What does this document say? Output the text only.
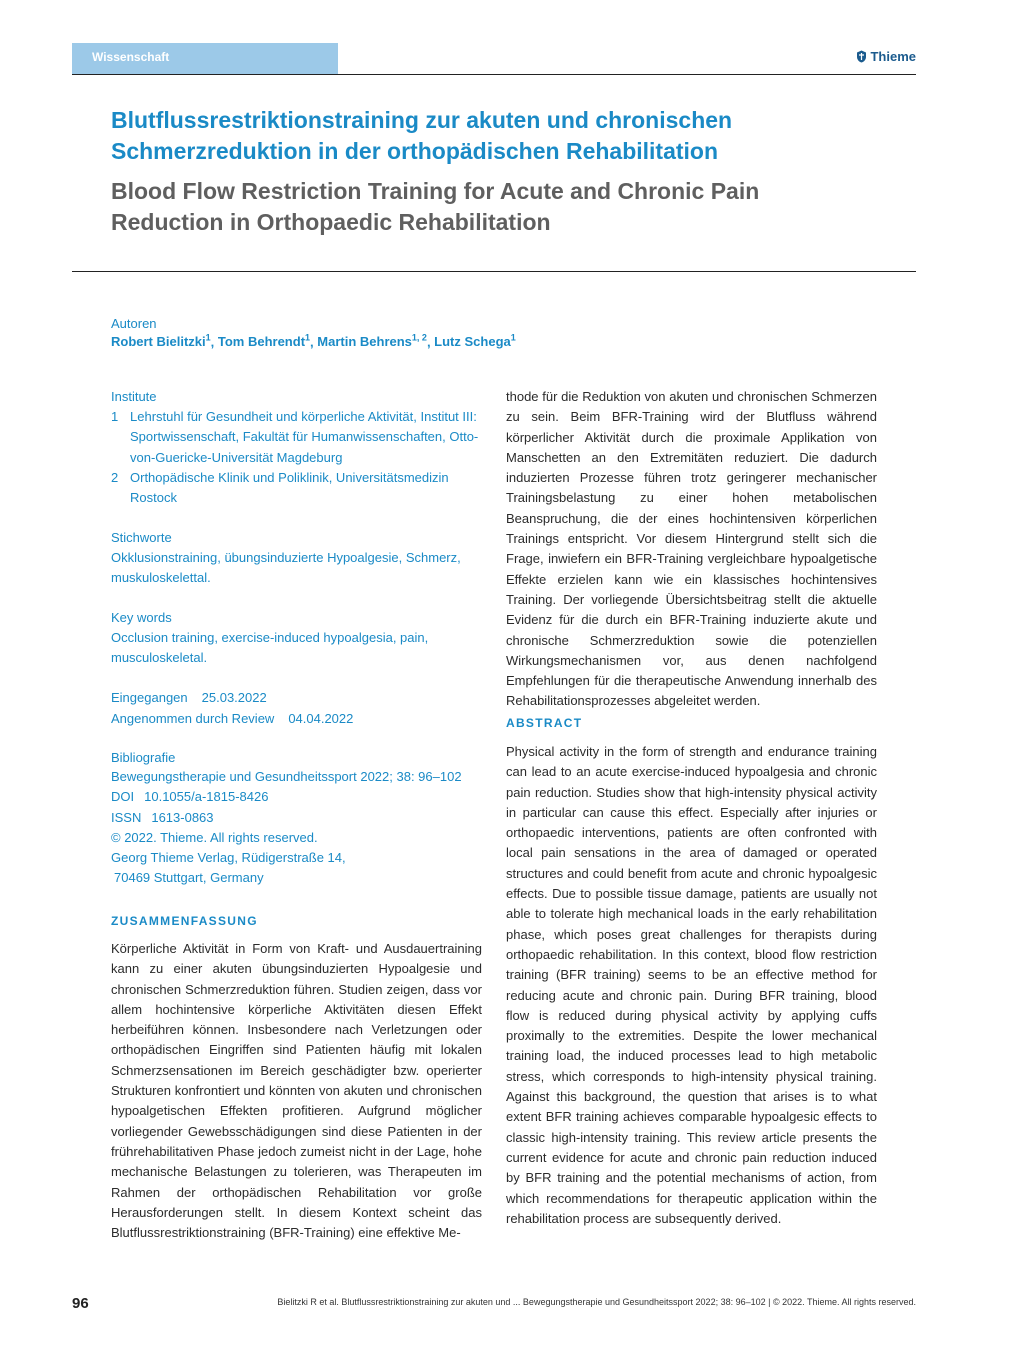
Wissenschaft	Thieme
Blutflussrestriktionstraining zur akuten und chronischen Schmerzreduktion in der orthopädischen Rehabilitation
Blood Flow Restriction Training for Acute and Chronic Pain Reduction in Orthopaedic Rehabilitation
Autoren
Robert Bielitzki$^1$, Tom Behrendt$^1$, Martin Behrens$^{1, 2}$, Lutz Schega$^1$
Institute
1 Lehrstuhl für Gesundheit und körperliche Aktivität, Institut III: Sportwissenschaft, Fakultät für Humanwissenschaften, Otto-von-Guericke-Universität Magdeburg
2 Orthopädische Klinik und Poliklinik, Universitätsmedizin Rostock
Stichworte
Okklusionstraining, übungsinduzierte Hypoalgesie, Schmerz, muskuloskelettal.
Key words
Occlusion training, exercise-induced hypoalgesia, pain, musculoskeletal.
Eingegangen 25.03.2022
Angenommen durch Review 04.04.2022
Bibliografie
Bewegungstherapie und Gesundheitssport 2022; 38: 96–102
DOI 10.1055/a-1815-8426
ISSN 1613-0863
© 2022. Thieme. All rights reserved.
Georg Thieme Verlag, Rüdigerstraße 14,
70469 Stuttgart, Germany
ZUSAMMENFASSUNG
Körperliche Aktivität in Form von Kraft- und Ausdauertraining kann zu einer akuten übungsinduzierten Hypoalgesie und chronischen Schmerzreduktion führen. Studien zeigen, dass vor allem hochintensive körperliche Aktivitäten diesen Effekt herbeiführen können. Insbesondere nach Verletzungen oder orthopädischen Eingriffen sind Patienten häufig mit lokalen Schmerzsensationen im Bereich geschädigter bzw. operierter Strukturen konfrontiert und könnten von akuten und chronischen hypoalgetischen Effekten profitieren. Aufgrund möglicher vorliegender Gewebsschädigungen sind diese Patienten in der frührehabilitativen Phase jedoch zumeist nicht in der Lage, hohe mechanische Belastungen zu tolerieren, was Therapeuten im Rahmen der orthopädischen Rehabilitation vor große Herausforderungen stellt. In diesem Kontext scheint das Blutflussrestriktionstraining (BFR-Training) eine effektive Me-
thode für die Reduktion von akuten und chronischen Schmerzen zu sein. Beim BFR-Training wird der Blutfluss während körperlicher Aktivität durch die proximale Applikation von Manschetten an den Extremitäten reduziert. Die dadurch induzierten Prozesse führen trotz geringerer mechanischer Trainingsbelastung zu einer hohen metabolischen Beanspruchung, die der eines hochintensiven körperlichen Trainings entspricht. Vor diesem Hintergrund stellt sich die Frage, inwiefern ein BFR-Training vergleichbare hypoalgetische Effekte erzielen kann wie ein klassisches hochintensives Training. Der vorliegende Übersichtsbeitrag stellt die aktuelle Evidenz für die durch ein BFR-Training induzierte akute und chronische Schmerzreduktion sowie die potenziellen Wirkungsmechanismen vor, aus denen nachfolgend Empfehlungen für die therapeutische Anwendung innerhalb des Rehabilitationsprozesses abgeleitet werden.
ABSTRACT
Physical activity in the form of strength and endurance training can lead to an acute exercise-induced hypoalgesia and chronic pain reduction. Studies show that high-intensity physical activity in particular can cause this effect. Especially after injuries or orthopaedic interventions, patients are often confronted with local pain sensations in the area of damaged or operated structures and could benefit from acute and chronic hypoalgesic effects. Due to possible tissue damage, patients are usually not able to tolerate high mechanical loads in the early rehabilitation phase, which poses great challenges for therapists during orthopaedic rehabilitation. In this context, blood flow restriction training (BFR training) seems to be an effective method for reducing acute and chronic pain. During BFR training, blood flow is reduced during physical activity by applying cuffs proximally to the extremities. Despite the lower mechanical training load, the induced processes lead to high metabolic stress, which corresponds to high-intensity physical training. Against this background, the question that arises is to what extent BFR training achieves comparable hypoalgesic effects to classic high-intensity training. This review article presents the current evidence for acute and chronic pain reduction induced by BFR training and the potential mechanisms of action, from which recommendations for therapeutic application within the rehabilitation process are subsequently derived.
96	Bielitzki R et al. Blutflussrestriktionstraining zur akuten und ... Bewegungstherapie und Gesundheitssport 2022; 38: 96–102 | © 2022. Thieme. All rights reserved.
